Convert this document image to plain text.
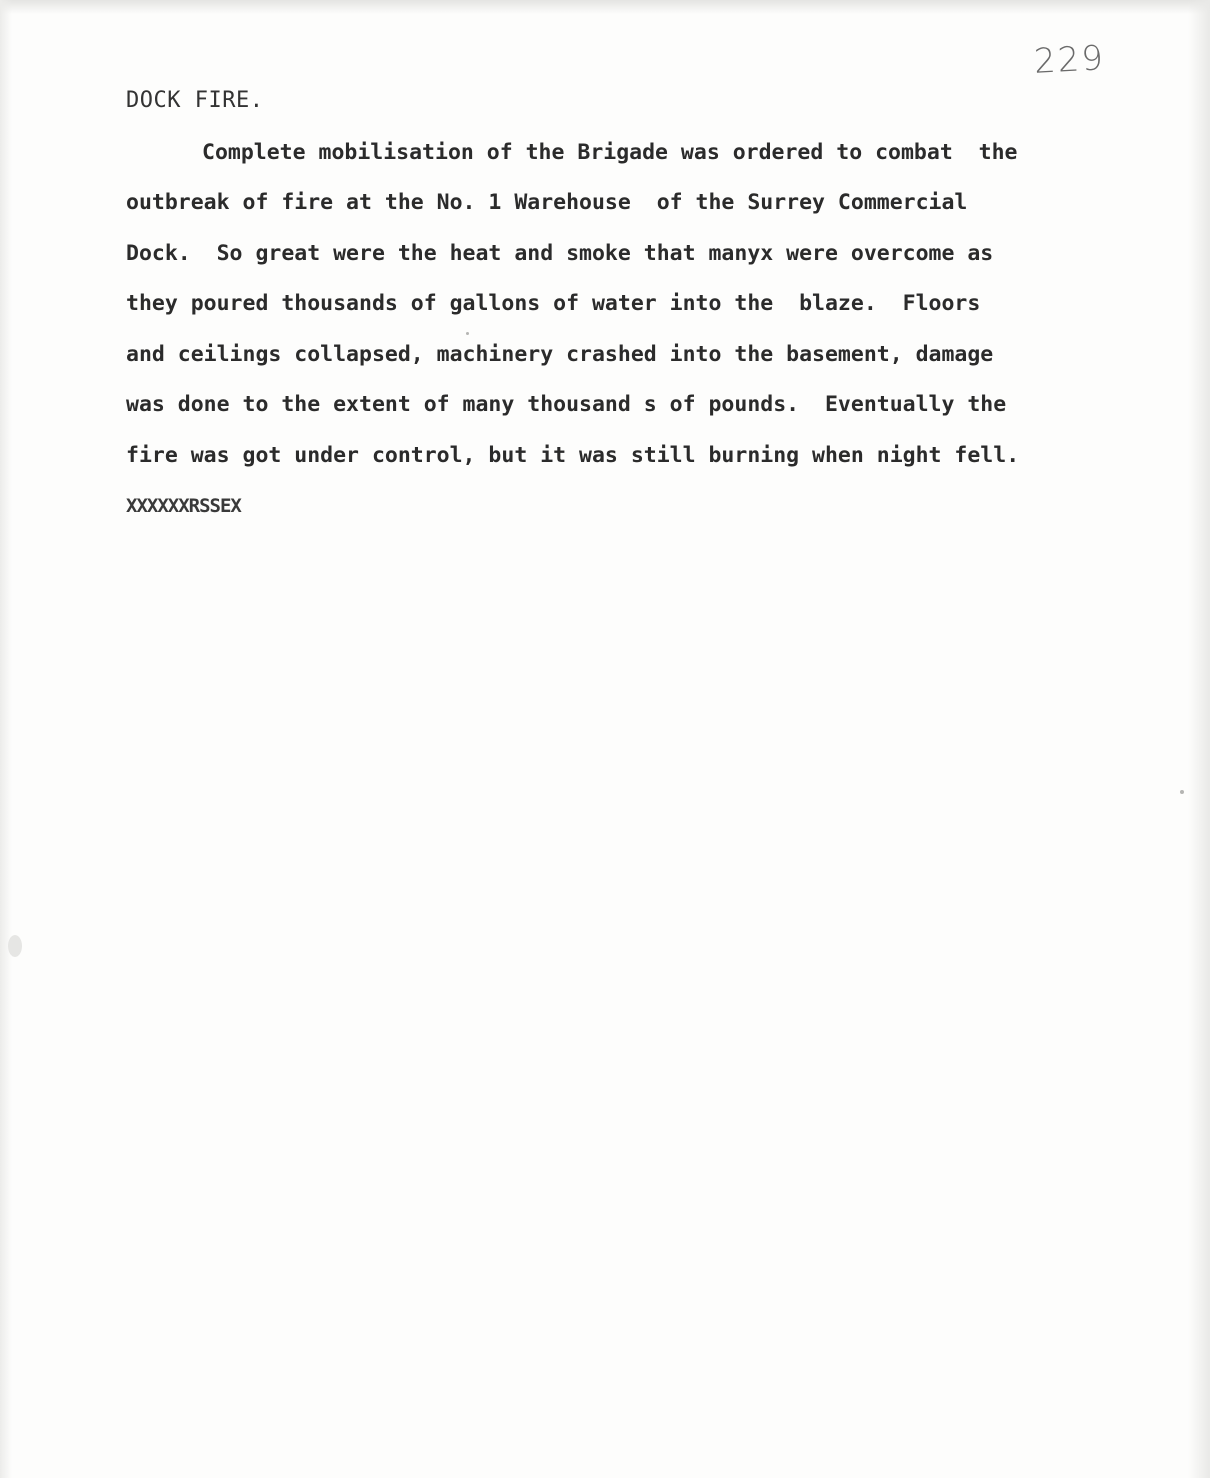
229
DOCK FIRE.
Complete mobilisation of the Brigade was ordered to combat  the
outbreak of fire at the No. 1 Warehouse  of the Surrey Commercial
Dock.  So great were the heat and smoke that manyx were overcome as
they poured thousands of gallons of water into the  blaze.  Floors
and ceilings collapsed, machinery crashed into the basement, damage
was done to the extent of many thousand s of pounds.  Eventually the
fire was got under control, but it was still burning when night fell.
XXXXXXRSSEX
